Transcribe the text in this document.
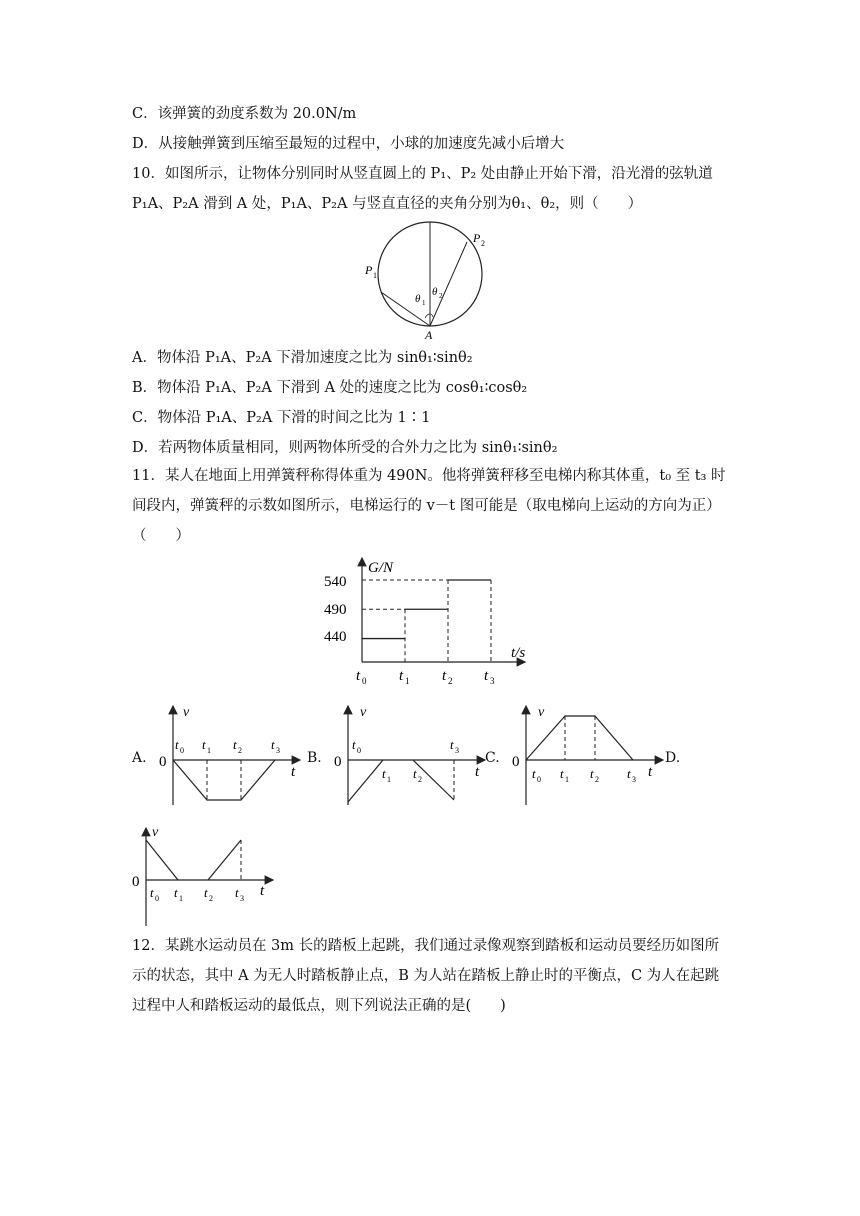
C．该弹簧的劲度系数为 20.0N/m
D．从接触弹簧到压缩至最短的过程中，小球的加速度先减小后增大
10．如图所示，让物体分别同时从竖直圆上的 P₁、P₂ 处由静止开始下滑，沿光滑的弦轨道
P₁A、P₂A 滑到 A 处，P₁A、P₂A 与竖直直径的夹角分别为θ₁、θ₂，则（　　）
P 1
P 2
θ 1
θ 2
A
A．物体沿 P₁A、P₂A 下滑加速度之比为 sinθ₁∶sinθ₂
B．物体沿 P₁A、P₂A 下滑到 A 处的速度之比为 cosθ₁∶cosθ₂
C．物体沿 P₁A、P₂A 下滑的时间之比为 1∶1
D．若两物体质量相同，则两物体所受的合外力之比为 sinθ₁∶sinθ₂
11．某人在地面上用弹簧秤称得体重为 490N。他将弹簧秤移至电梯内称其体重，t₀ 至 t₃ 时
间段内，弹簧秤的示数如图所示，电梯运行的 v－t 图可能是（取电梯向上运动的方向为正）
（　　）
G/N
t/s
540
490
440
t 0 t 1 t 2 t 3
A.
v
0
t
t 0 t 1 t 2 t 3 B.
v
0
t
t 0
t 1 t 2
t 3 C.
v
0
t
t 0 t 1 t 2 t 3
D.
v
0
t
t 0 t 1 t 2 t 3
12．某跳水运动员在 3m 长的踏板上起跳，我们通过录像观察到踏板和运动员要经历如图所
示的状态，其中 A 为无人时踏板静止点，B 为人站在踏板上静止时的平衡点，C 为人在起跳
过程中人和踏板运动的最低点，则下列说法正确的是(　　)
